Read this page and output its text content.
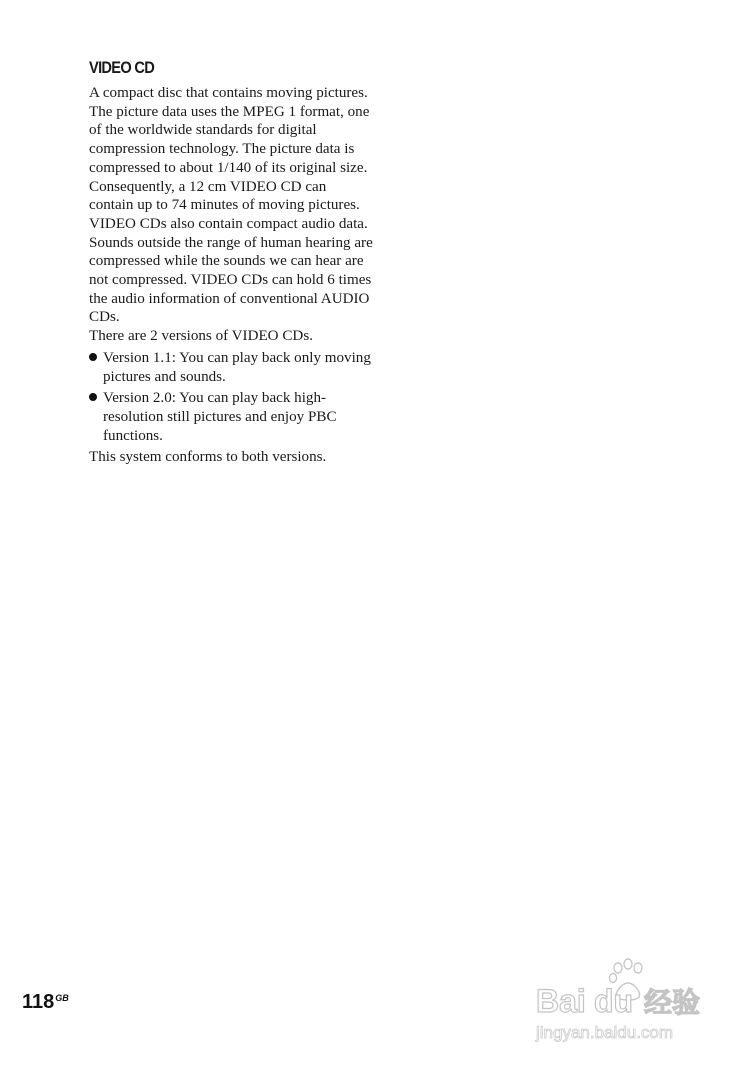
VIDEO CD

A compact disc that contains moving pictures.

The picture data uses the MPEG 1 format, one of the worldwide standards for digital compression technology. The picture data is compressed to about 1/140 of its original size. Consequently, a 12 cm VIDEO CD can contain up to 74 minutes of moving pictures.

VIDEO CDs also contain compact audio data.

Sounds outside the range of human hearing are compressed while the sounds we can hear are not compressed. VIDEO CDs can hold 6 times the audio information of conventional AUDIO CDs.

There are 2 versions of VIDEO CDs.

Version 1.1: You can play back only moving pictures and sounds.
Version 2.0: You can play back high-resolution still pictures and enjoy PBC functions.

This system conforms to both versions.

$118^{GB}$	Bai du 经验
jingyan.baidu.com
